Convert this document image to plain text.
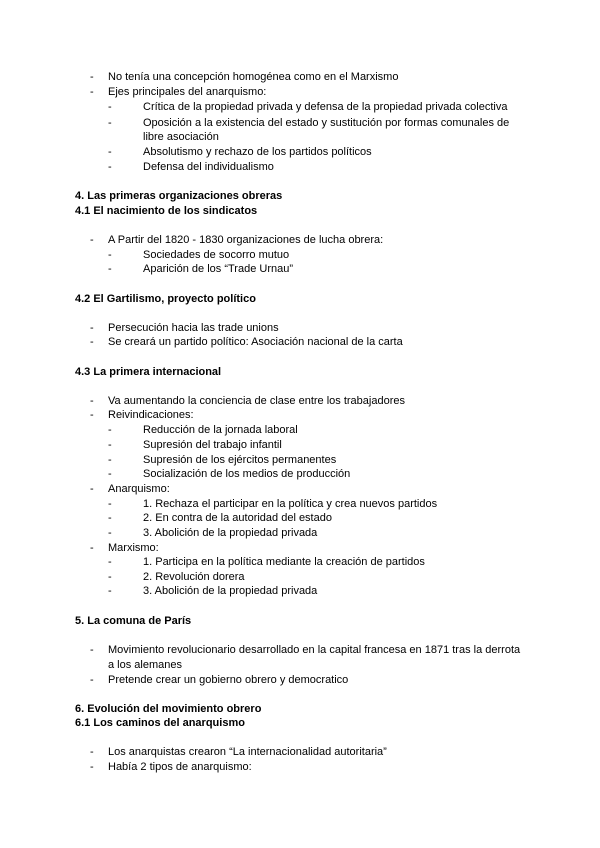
- No tenía una concepción homogénea como en el Marxismo
- Ejes principales del anarquismo:
-	Crítica de la propiedad privada y defensa de la propiedad privada colectiva
-	Oposición a la existencia del estado y sustitución por formas comunales de
libre asociación
-	Absolutismo y rechazo de los partidos políticos
-	Defensa del individualismo
4. Las primeras organizaciones obreras
4.1 El nacimiento de los sindicatos
- A Partir del 1820 - 1830 organizaciones de lucha obrera:
-	Sociedades de socorro mutuo
-	Aparición de los “Trade Urnau”
4.2 El Gartilismo, proyecto político
- Persecución hacia las trade unions
- Se creará un partido político: Asociación nacional de la carta
4.3 La primera internacional
- Va aumentando la conciencia de clase entre los trabajadores
- Reivindicaciones:
-	Reducción de la jornada laboral
-	Supresión del trabajo infantil
-	Supresión de los ejércitos permanentes
-	Socialización de los medios de producción
- Anarquismo:
-	1. Rechaza el participar en la política y crea nuevos partidos
-	2. En contra de la autoridad del estado
-	3. Abolición de la propiedad privada
- Marxismo:
-	1. Participa en la política mediante la creación de partidos
-	2. Revolución dorera
-	3. Abolición de la propiedad privada
5. La comuna de París
- Movimiento revolucionario desarrollado en la capital francesa en 1871 tras la derrota
a los alemanes
- Pretende crear un gobierno obrero y democratico
6. Evolución del movimiento obrero
6.1 Los caminos del anarquismo
- Los anarquistas crearon “La internacionalidad autoritaria”
- Había 2 tipos de anarquismo:
